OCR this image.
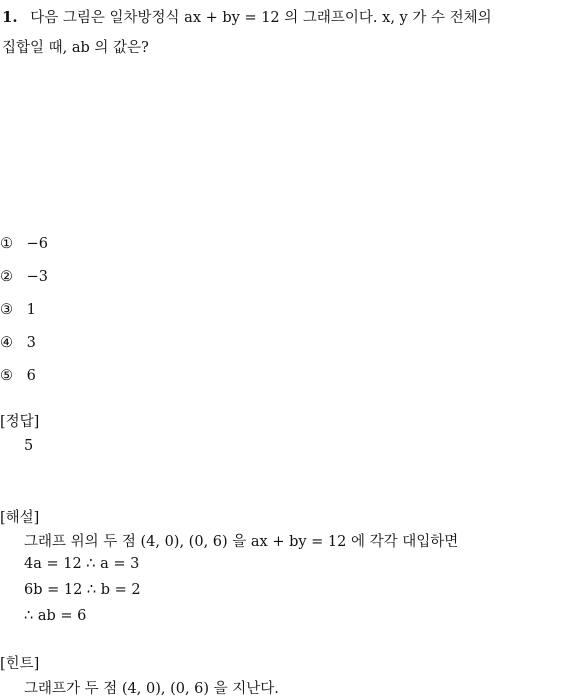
1. 다음 그림은 일차방정식 ax + by = 12 의 그래프이다. x, y 가 수 전체의
집합일 때, ab 의 값은?
① −6
② −3
③ 1
④ 3
⑤ 6
[정답]
5
[해설]
그래프 위의 두 점 (4, 0), (0, 6) 을 ax + by = 12 에 각각 대입하면
4a = 12 ∴ a = 3
6b = 12 ∴ b = 2
∴ ab = 6
[힌트]
그래프가 두 점 (4, 0), (0, 6) 을 지난다.
